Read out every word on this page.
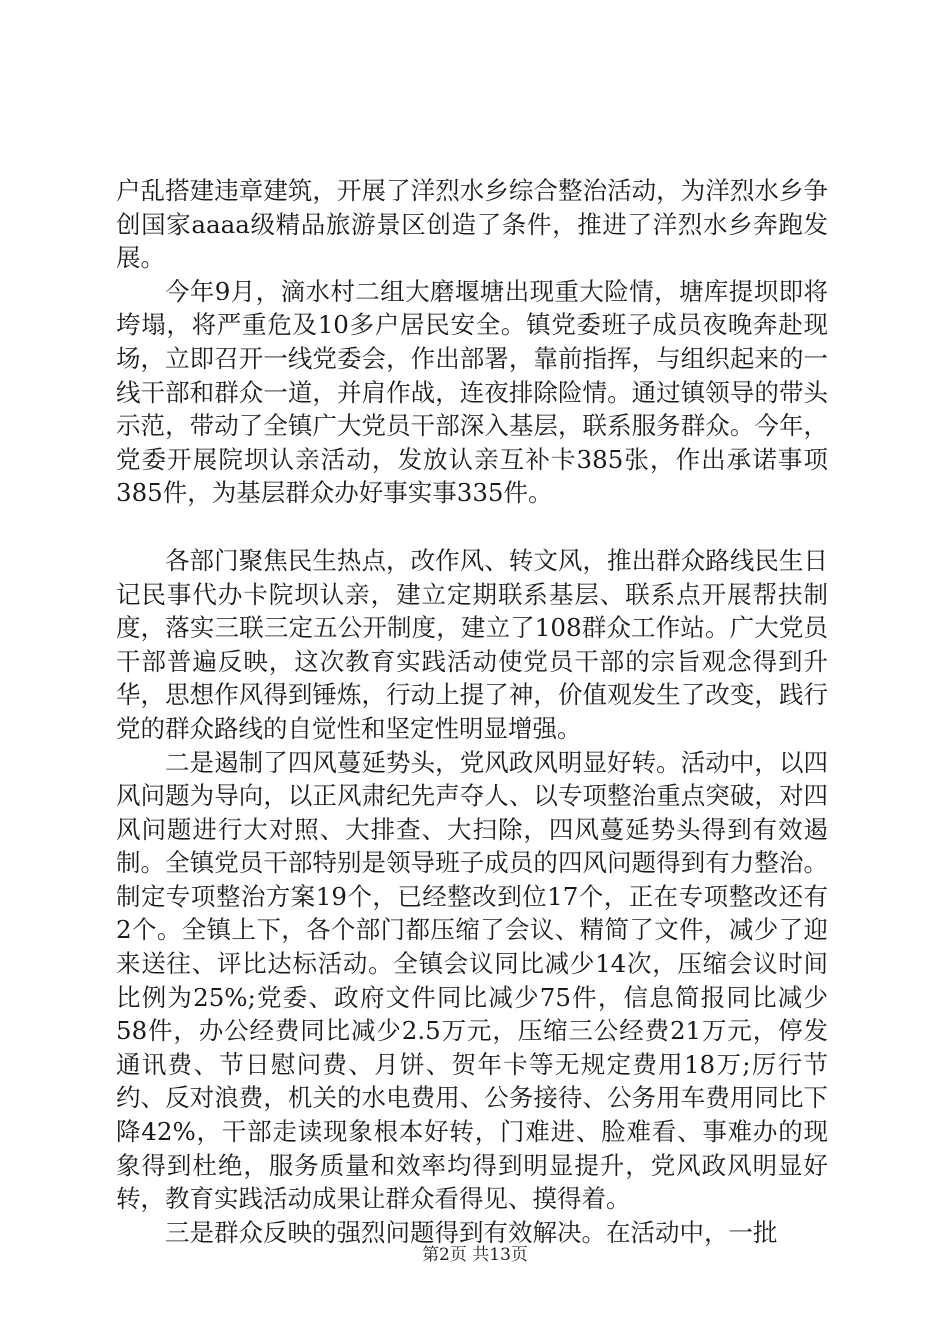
户乱搭建违章建筑，开展了洋烈水乡综合整治活动，为洋烈水乡争创国家aaaa级精品旅游景区创造了条件，推进了洋烈水乡奔跑发展。

今年9月，滴水村二组大磨堰塘出现重大险情，塘库提坝即将垮塌，将严重危及10多户居民安全。镇党委班子成员夜晚奔赴现场，立即召开一线党委会，作出部署，靠前指挥，与组织起来的一线干部和群众一道，并肩作战，连夜排除险情。通过镇领导的带头示范，带动了全镇广大党员干部深入基层，联系服务群众。今年，党委开展院坝认亲活动，发放认亲互补卡385张，作出承诺事项385件，为基层群众办好事实事335件。

各部门聚焦民生热点，改作风、转文风，推出群众路线民生日记民事代办卡院坝认亲，建立定期联系基层、联系点开展帮扶制度，落实三联三定五公开制度，建立了108群众工作站。广大党员干部普遍反映，这次教育实践活动使党员干部的宗旨观念得到升华，思想作风得到锤炼，行动上提了神，价值观发生了改变，践行党的群众路线的自觉性和坚定性明显增强。

二是遏制了四风蔓延势头，党风政风明显好转。活动中，以四风问题为导向，以正风肃纪先声夺人、以专项整治重点突破，对四风问题进行大对照、大排查、大扫除，四风蔓延势头得到有效遏制。全镇党员干部特别是领导班子成员的四风问题得到有力整治。制定专项整治方案19个，已经整改到位17个，正在专项整改还有2个。全镇上下，各个部门都压缩了会议、精简了文件，减少了迎来送往、评比达标活动。全镇会议同比减少14次，压缩会议时间比例为25%;党委、政府文件同比减少75件，信息简报同比减少58件，办公经费同比减少2.5万元，压缩三公经费21万元，停发通讯费、节日慰问费、月饼、贺年卡等无规定费用18万;厉行节约、反对浪费，机关的水电费用、公务接待、公务用车费用同比下降42%，干部走读现象根本好转，门难进、脸难看、事难办的现象得到杜绝，服务质量和效率均得到明显提升，党风政风明显好转，教育实践活动成果让群众看得见、摸得着。

三是群众反映的强烈问题得到有效解决。在活动中，一批

第2页 共13页
